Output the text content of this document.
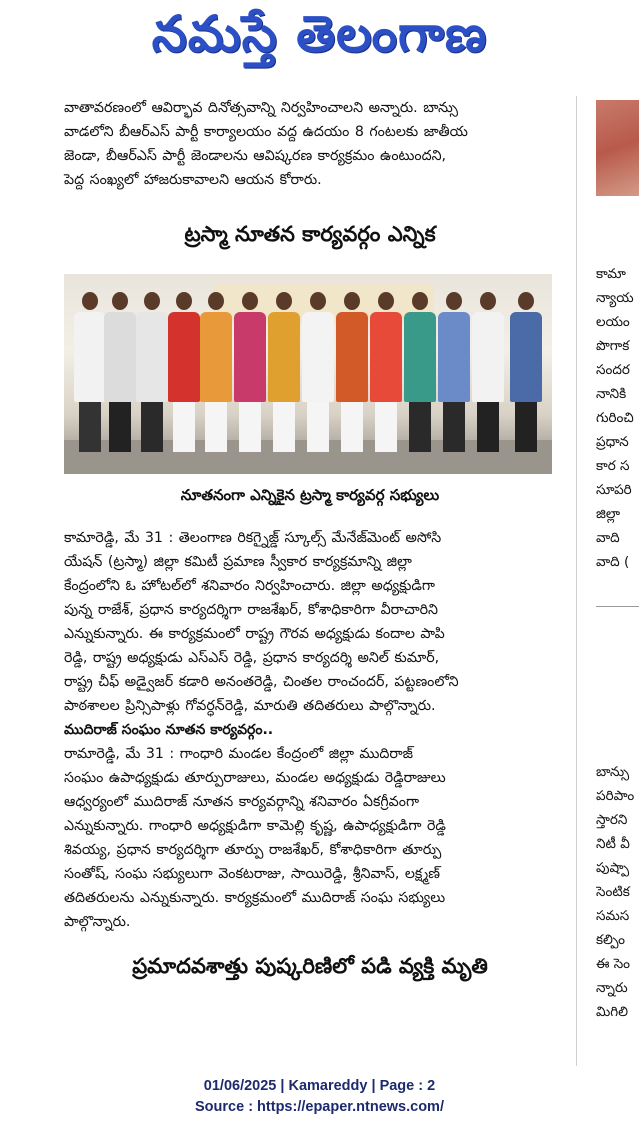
నమస్తే తెలంగాణ

వాతావరణంలో ఆవిర్భావ దినోత్సవాన్ని నిర్వహించాలని అన్నారు. బాన్సు

వాడలోని బీఆర్ఎస్ పార్టీ కార్యాలయం వద్ద ఉదయం 8 గంటలకు జాతీయ

జెండా, బీఆర్ఎస్ పార్టీ జెండాలను ఆవిష్కరణ కార్యక్రమం ఉంటుందని,

పెద్ద సంఖ్యలో హాజరుకావాలని ఆయన కోరారు.

ట్రస్మా నూతన కార్యవర్గం ఎన్నిక

నూతనంగా ఎన్నికైన ట్రస్మా కార్యవర్గ సభ్యులు

కామారెడ్డి, మే 31 : తెలంగాణ రికగ్నైజ్డ్ స్కూల్స్ మేనేజ్‌మెంట్ అసోసి

యేషన్ (ట్రస్మా) జిల్లా కమిటీ ప్రమాణ స్వీకార కార్యక్రమాన్ని జిల్లా

కేంద్రంలోని ఓ హోటల్‌లో శనివారం నిర్వహించారు. జిల్లా అధ్యక్షుడిగా

పున్న రాజేశ్, ప్రధాన కార్యదర్శిగా రాజశేఖర్, కోశాధికారిగా వీరాచారిని

ఎన్నుకున్నారు. ఈ కార్యక్రమంలో రాష్ట్ర గౌరవ అధ్యక్షుడు కందాల పాపి

రెడ్డి, రాష్ట్ర అధ్యక్షుడు ఎస్ఎస్ రెడ్డి, ప్రధాన కార్యదర్శి అనిల్ కుమార్,

రాష్ట్ర చీఫ్ అడ్వైజర్ కడారి అనంతరెడ్డి, చింతల రాంచందర్, పట్టణంలోని

పాఠశాలల ప్రిన్సిపాళ్లు గోవర్ధన్‌రెడ్డి, మారుతి తదితరులు పాల్గొన్నారు.

ముదిరాజ్ సంఘం నూతన కార్యవర్గం..

రామారెడ్డి, మే 31 : గాంధారి మండల కేంద్రంలో జిల్లా ముదిరాజ్

సంఘం ఉపాధ్యక్షుడు తూర్పురాజులు, మండల అధ్యక్షుడు రెడ్డిరాజులు

ఆధ్వర్యంలో ముదిరాజ్ నూతన కార్యవర్గాన్ని శనివారం ఏకగ్రీవంగా

ఎన్నుకున్నారు. గాంధారి అధ్యక్షుడిగా కామెల్లి కృష్ణ, ఉపాధ్యక్షుడిగా రెడ్డి

శివయ్య, ప్రధాన కార్యదర్శిగా తూర్పు రాజశేఖర్, కోశాధికారిగా తూర్పు

సంతోష్, సంఘ సభ్యులుగా వెంకటరాజు, సాయిరెడ్డి, శ్రీనివాస్, లక్ష్మణ్

తదితరులను ఎన్నుకున్నారు. కార్యక్రమంలో ముదిరాజ్ సంఘ సభ్యులు

పాల్గొన్నారు.

ప్రమాదవశాత్తు పుష్కరిణిలో పడి వ్యక్తి మృతి
కామా
న్యాయ
లయం
పొగాక
సందర
నానికి
గురించి
ప్రధాన
కార స
సూపరి
జిల్లా
వాది
వాది (
బాన్సు
పరిపాం
స్తారని
నిటీ వీ
పుష్పా
సెంటిక
సమస
కల్పిం
ఈ సెం
న్నారు
మిగిలి
01/06/2025 | Kamareddy | Page : 2
Source : https://epaper.ntnews.com/
